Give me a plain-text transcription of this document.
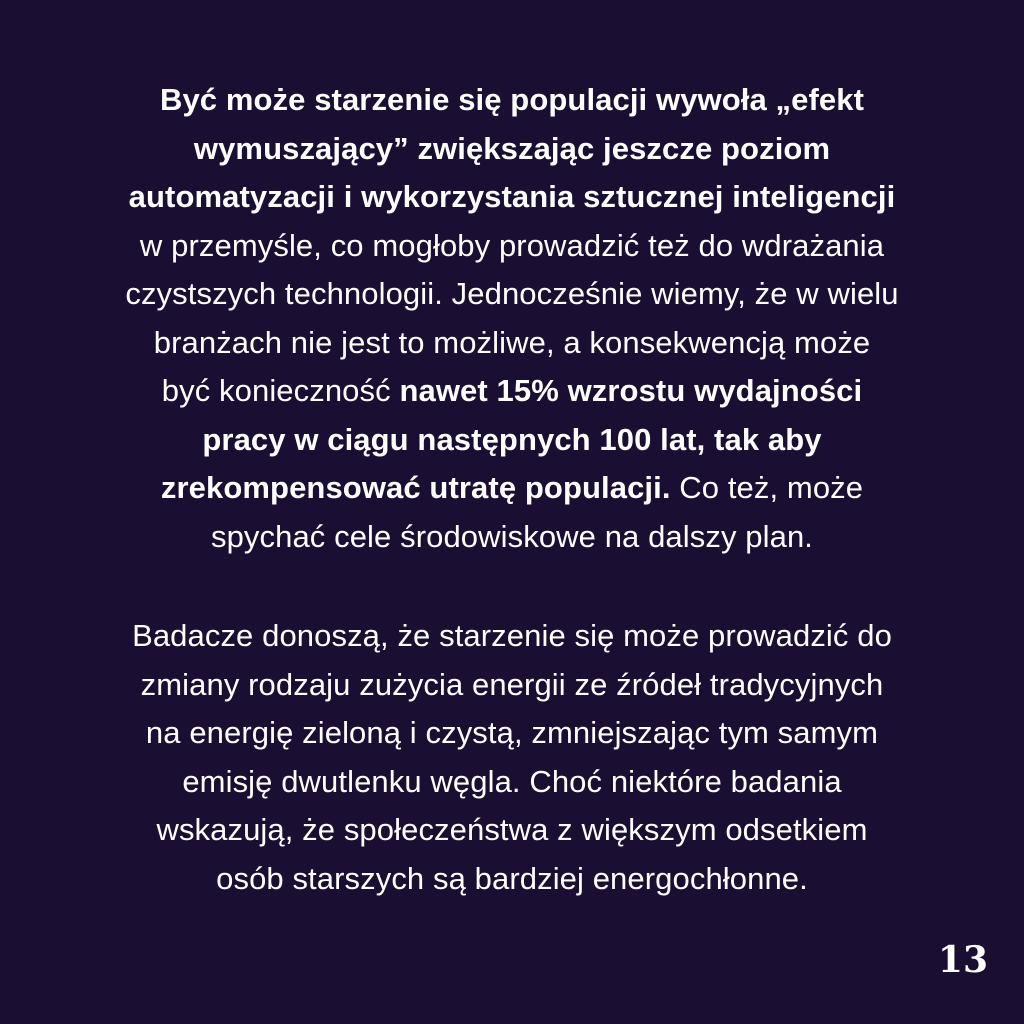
Być może starzenie się populacji wywoła „efekt
wymuszający” zwiększając jeszcze poziom
automatyzacji i wykorzystania sztucznej inteligencji
w przemyśle, co mogłoby prowadzić też do wdrażania
czystszych technologii. Jednocześnie wiemy, że w wielu
branżach nie jest to możliwe, a konsekwencją może
być konieczność nawet 15% wzrostu wydajności
pracy w ciągu następnych 100 lat, tak aby
zrekompensować utratę populacji. Co też, może
spychać cele środowiskowe na dalszy plan.

Badacze donoszą, że starzenie się może prowadzić do
zmiany rodzaju zużycia energii ze źródeł tradycyjnych
na energię zieloną i czystą, zmniejszając tym samym
emisję dwutlenku węgla. Choć niektóre badania
wskazują, że społeczeństwa z większym odsetkiem
osób starszych są bardziej energochłonne.

13
